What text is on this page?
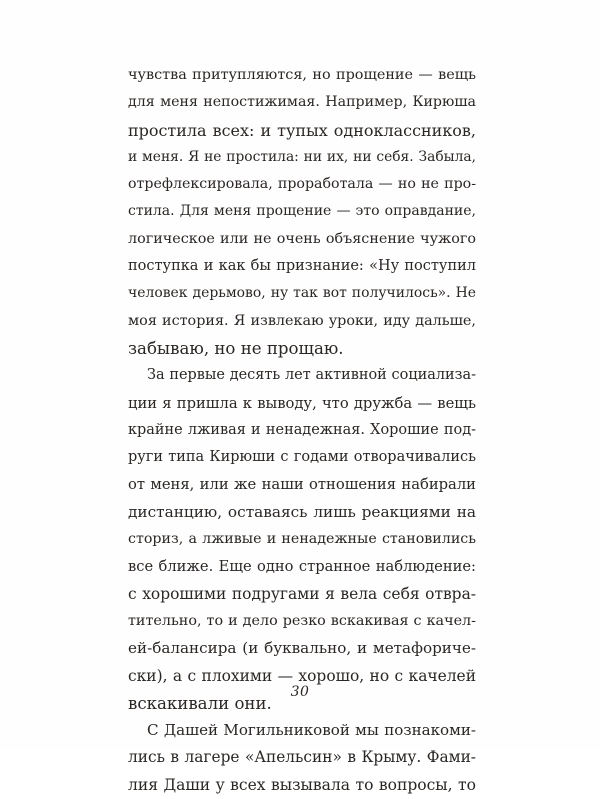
чувства притупляются, но прощение — вещь
для меня непостижимая. Например, Кирюша
простила всех: и тупых одноклассников,
и меня. Я не простила: ни их, ни себя. Забыла,
отрефлексировала, проработала — но не про-
стила. Для меня прощение — это оправдание,
логическое или не очень объяснение чужого
поступка и как бы признание: «Ну поступил
человек дерьмово, ну так вот получилось». Не
моя история. Я извлекаю уроки, иду дальше,
забываю, но не прощаю.
За первые десять лет активной социализа-
ции я пришла к выводу, что дружба — вещь
крайне лживая и ненадежная. Хорошие под-
руги типа Кирюши с годами отворачивались
от меня, или же наши отношения набирали
дистанцию, оставаясь лишь реакциями на
сториз, а лживые и ненадежные становились
все ближе. Еще одно странное наблюдение:
с хорошими подругами я вела себя отвра-
тительно, то и дело резко вскакивая с качел-
ей-балансира (и буквально, и метафориче-
ски), а с плохими — хорошо, но с качелей
вскакивали они.
С Дашей Могильниковой мы познакоми-
лись в лагере «Апельсин» в Крыму. Фами-
лия Даши у всех вызывала то вопросы, то
30
